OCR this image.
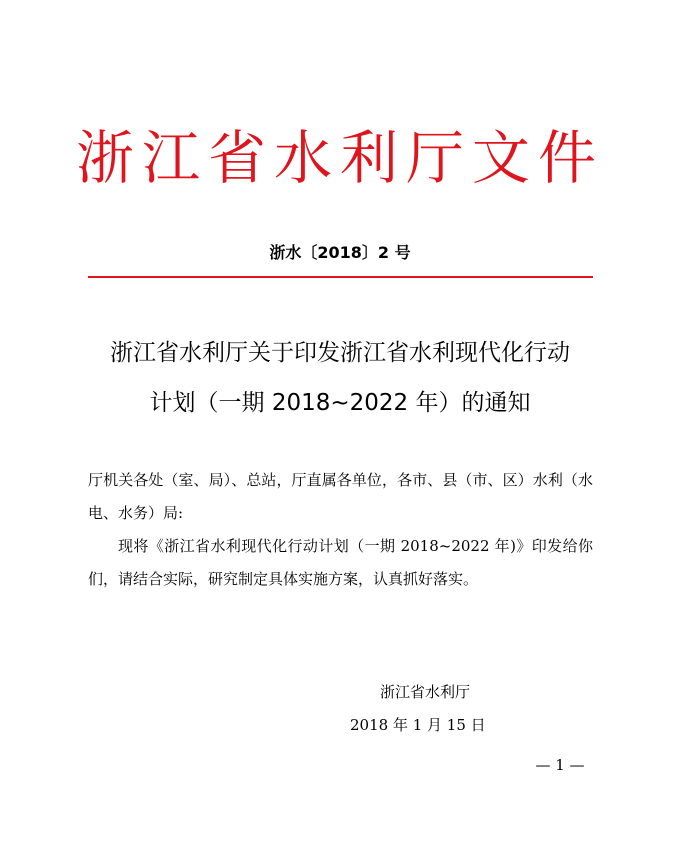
浙江省水利厅文件
浙水〔2018〕2 号
浙江省水利厅关于印发浙江省水利现代化行动
计划（一期 2018~2022 年）的通知

厅机关各处（室、局）、总站，厅直属各单位，各市、县（市、区）水利（水电、水务）局:

现将《浙江省水利现代化行动计划（一期 2018~2022 年)》印发给你们，请结合实际，研究制定具体实施方案，认真抓好落实。

浙江省水利厅
2018 年 1 月 15 日
— 1 —
